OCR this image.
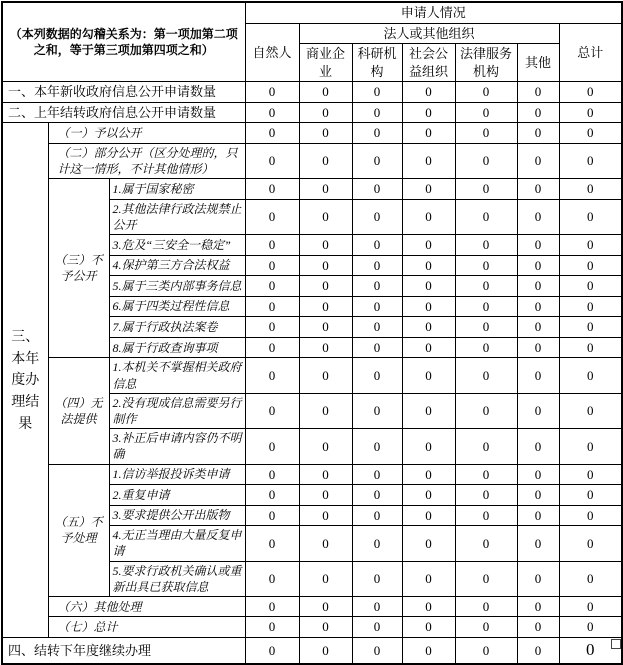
（本列数据的勾稽关系为：第一项加第二项之和，等于第三项加第四项之和）			申请人情况						
			自然人	法人或其他组织					总计
				商业企业	科研机构	社会公益组织	法律服务机构	其他	
一、本年新收政府信息公开申请数量			0	0	0	0	0	0	0
二、上年结转政府信息公开申请数量			0	0	0	0	0	0	0
三、本年度办理结果	（一）予以公开		0	0	0	0	0	0	0
	（二）部分公开（区分处理的，只计这一情形，不计其他情形）		0	0	0	0	0	0	0
	（三）不予公开	1.属于国家秘密	0	0	0	0	0	0	0
		2.其他法律行政法规禁止公开	0	0	0	0	0	0	0
		3.危及“三安全一稳定”	0	0	0	0	0	0	0
		4.保护第三方合法权益	0	0	0	0	0	0	0
		5.属于三类内部事务信息	0	0	0	0	0	0	0
		6.属于四类过程性信息	0	0	0	0	0	0	0
		7.属于行政执法案卷	0	0	0	0	0	0	0
		8.属于行政查询事项	0	0	0	0	0	0	0
	（四）无法提供	1.本机关不掌握相关政府信息	0	0	0	0	0	0	0
		2.没有现成信息需要另行制作	0	0	0	0	0	0	0
		3.补正后申请内容仍不明确	0	0	0	0	0	0	0
	（五）不予处理	1.信访举报投诉类申请	0	0	0	0	0	0	0
		2.重复申请	0	0	0	0	0	0	0
		3.要求提供公开出版物	0	0	0	0	0	0	0
		4.无正当理由大量反复申请	0	0	0	0	0	0	0
		5.要求行政机关确认或重新出具已获取信息	0	0	0	0	0	0	0
	（六）其他处理		0	0	0	0	0	0	0
	（七）总计		0	0	0	0	0	0	0
四、结转下年度继续办理			0	0	0	0	0	0	0
